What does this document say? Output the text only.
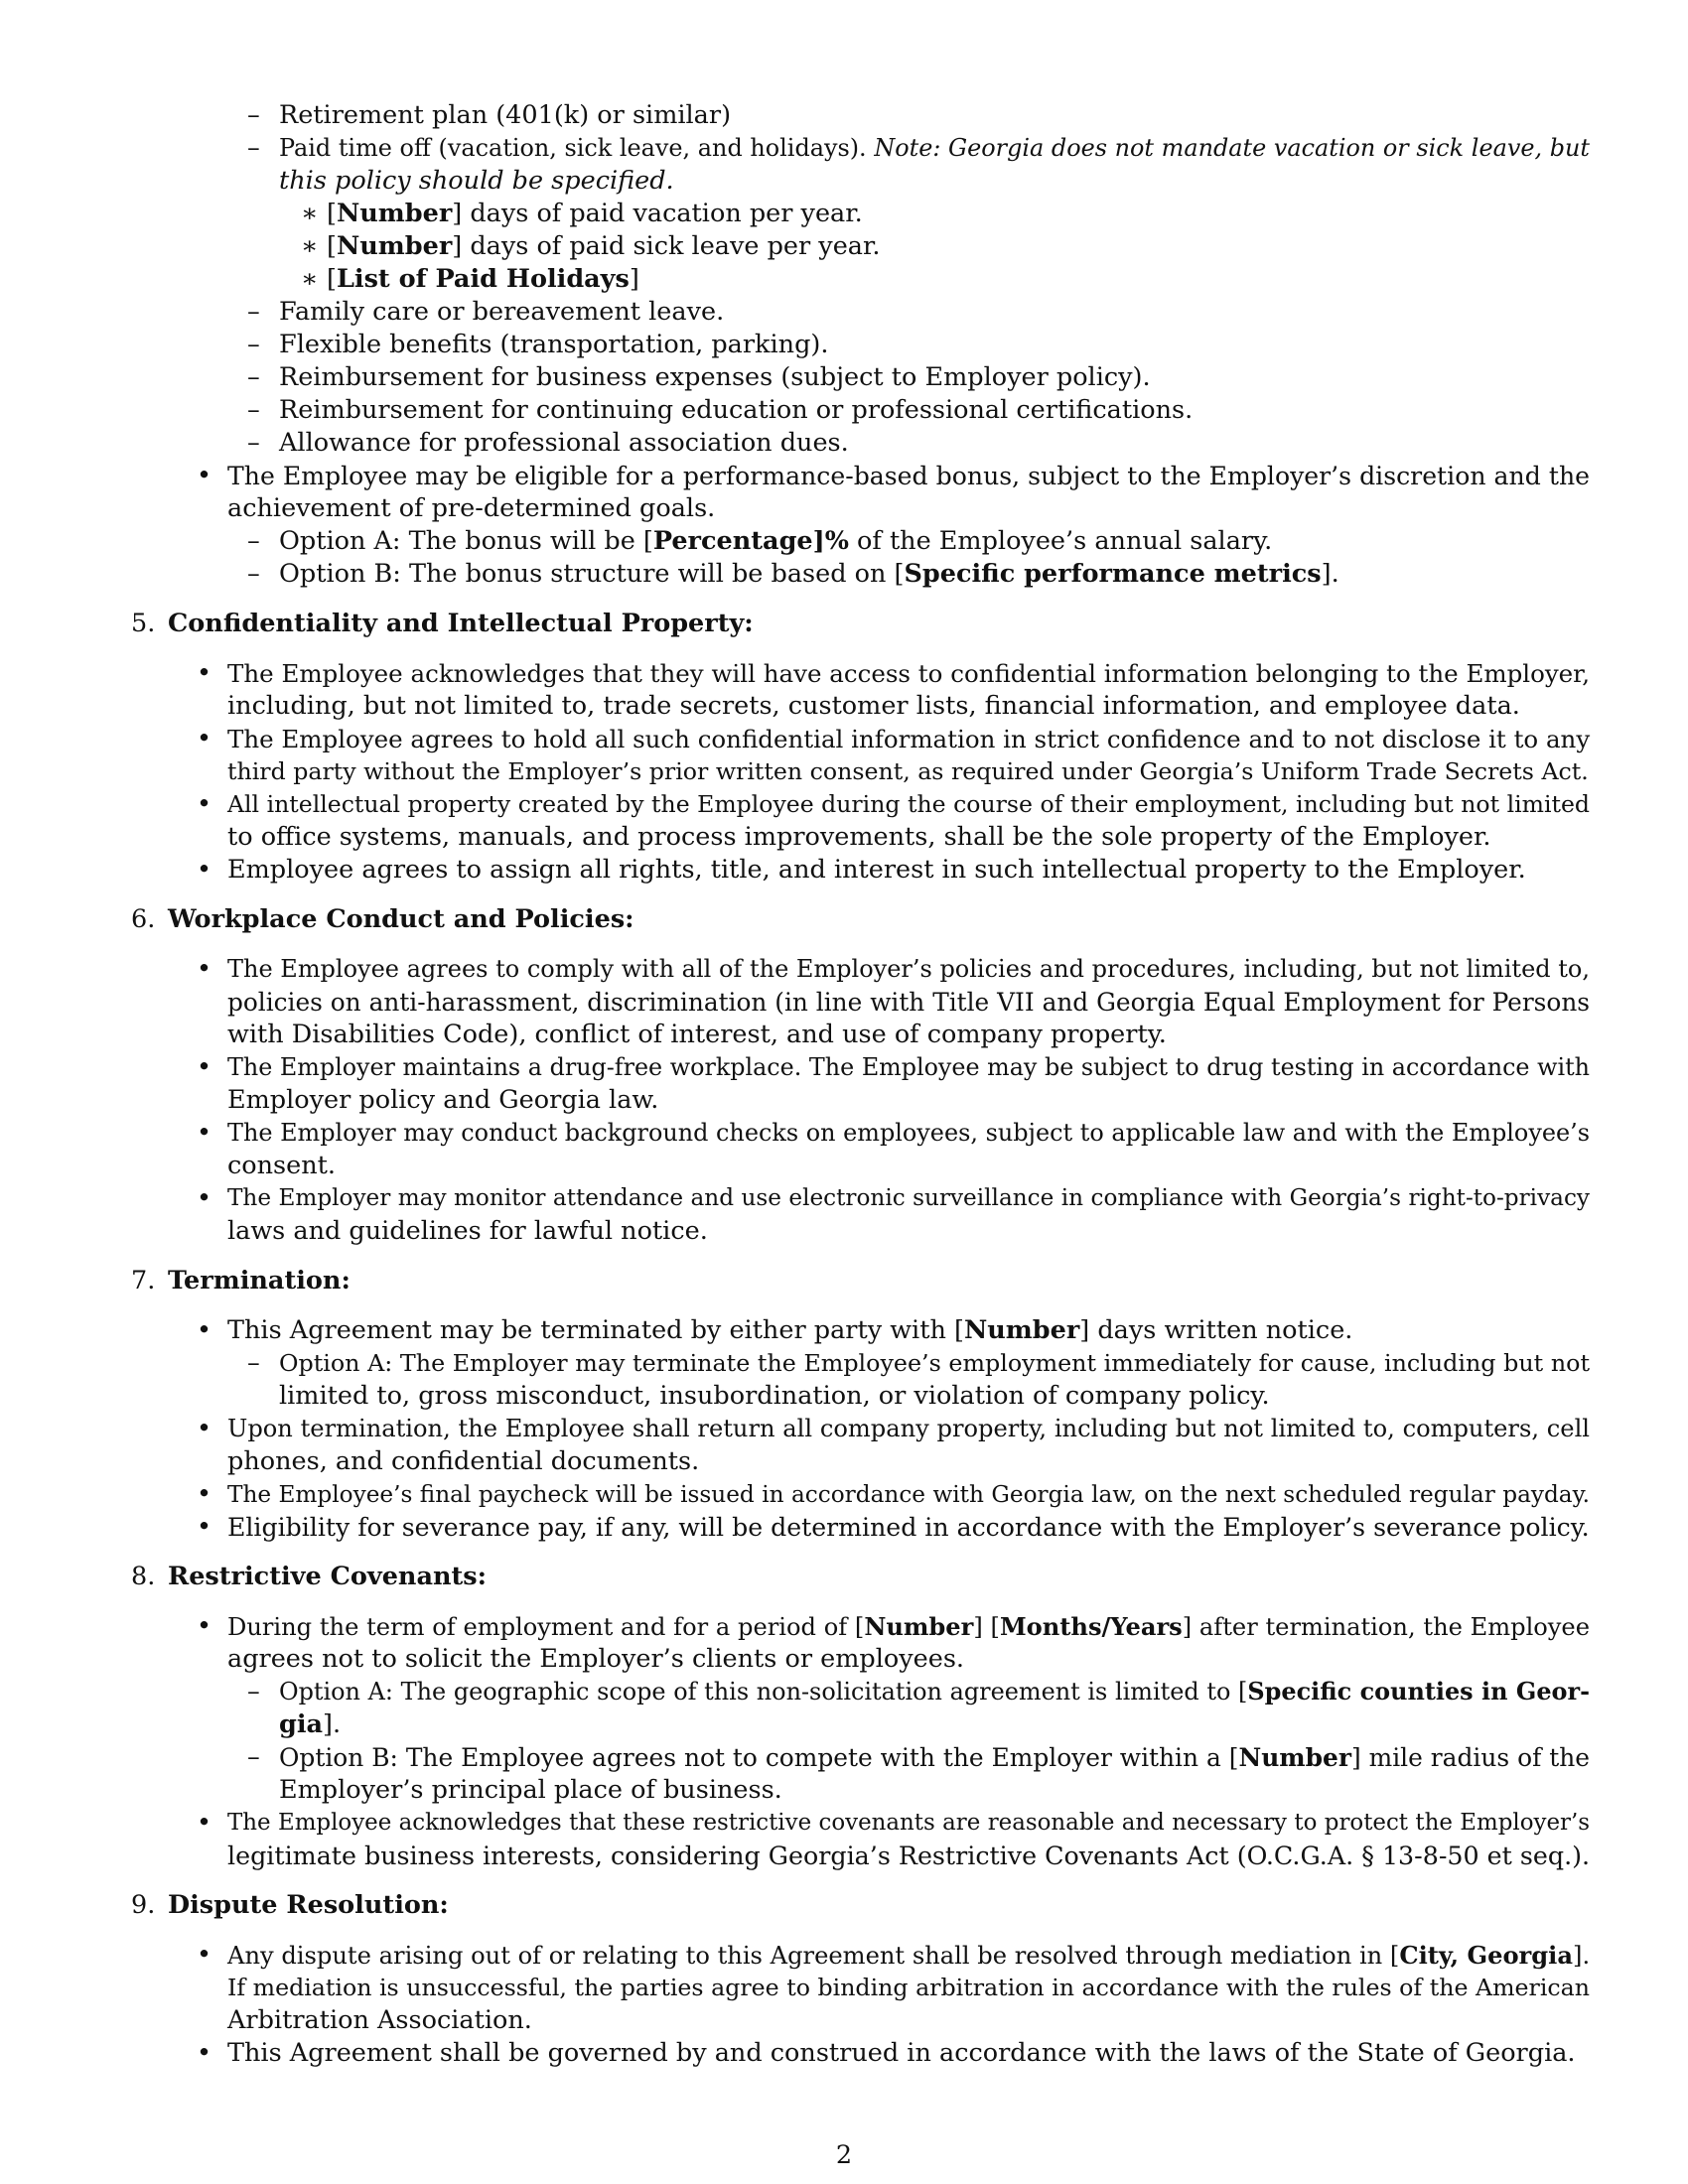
– Retirement plan (401(k) or similar)
– Paid time off (vacation, sick leave, and holidays). Note: Georgia does not mandate vacation or sick leave, but
this policy should be specified.
∗ [Number] days of paid vacation per year.
∗ [Number] days of paid sick leave per year.
∗ [List of Paid Holidays]
– Family care or bereavement leave.
– Flexible benefits (transportation, parking).
– Reimbursement for business expenses (subject to Employer policy).
– Reimbursement for continuing education or professional certifications.
– Allowance for professional association dues.
• The Employee may be eligible for a performance-based bonus, subject to the Employer’s discretion and the
achievement of pre-determined goals.
– Option A: The bonus will be [Percentage]% of the Employee’s annual salary.
– Option B: The bonus structure will be based on [Specific performance metrics].
5. Confidentiality and Intellectual Property:
• The Employee acknowledges that they will have access to confidential information belonging to the Employer,
including, but not limited to, trade secrets, customer lists, financial information, and employee data.
• The Employee agrees to hold all such confidential information in strict confidence and to not disclose it to any
third party without the Employer’s prior written consent, as required under Georgia’s Uniform Trade Secrets Act.
• All intellectual property created by the Employee during the course of their employment, including but not limited
to office systems, manuals, and process improvements, shall be the sole property of the Employer.
• Employee agrees to assign all rights, title, and interest in such intellectual property to the Employer.
6. Workplace Conduct and Policies:
• The Employee agrees to comply with all of the Employer’s policies and procedures, including, but not limited to,
policies on anti-harassment, discrimination (in line with Title VII and Georgia Equal Employment for Persons
with Disabilities Code), conflict of interest, and use of company property.
• The Employer maintains a drug-free workplace. The Employee may be subject to drug testing in accordance with
Employer policy and Georgia law.
• The Employer may conduct background checks on employees, subject to applicable law and with the Employee’s
consent.
• The Employer may monitor attendance and use electronic surveillance in compliance with Georgia’s right-to-privacy
laws and guidelines for lawful notice.
7. Termination:
• This Agreement may be terminated by either party with [Number] days written notice.
– Option A: The Employer may terminate the Employee’s employment immediately for cause, including but not
limited to, gross misconduct, insubordination, or violation of company policy.
• Upon termination, the Employee shall return all company property, including but not limited to, computers, cell
phones, and confidential documents.
• The Employee’s final paycheck will be issued in accordance with Georgia law, on the next scheduled regular payday.
• Eligibility for severance pay, if any, will be determined in accordance with the Employer’s severance policy.
8. Restrictive Covenants:
• During the term of employment and for a period of [Number] [Months/Years] after termination, the Employee
agrees not to solicit the Employer’s clients or employees.
– Option A: The geographic scope of this non-solicitation agreement is limited to [Specific counties in Geor-
gia].
– Option B: The Employee agrees not to compete with the Employer within a [Number] mile radius of the
Employer’s principal place of business.
• The Employee acknowledges that these restrictive covenants are reasonable and necessary to protect the Employer’s
legitimate business interests, considering Georgia’s Restrictive Covenants Act (O.C.G.A. § 13-8-50 et seq.).
9. Dispute Resolution:
• Any dispute arising out of or relating to this Agreement shall be resolved through mediation in [City, Georgia].
If mediation is unsuccessful, the parties agree to binding arbitration in accordance with the rules of the American
Arbitration Association.
• This Agreement shall be governed by and construed in accordance with the laws of the State of Georgia.
2
